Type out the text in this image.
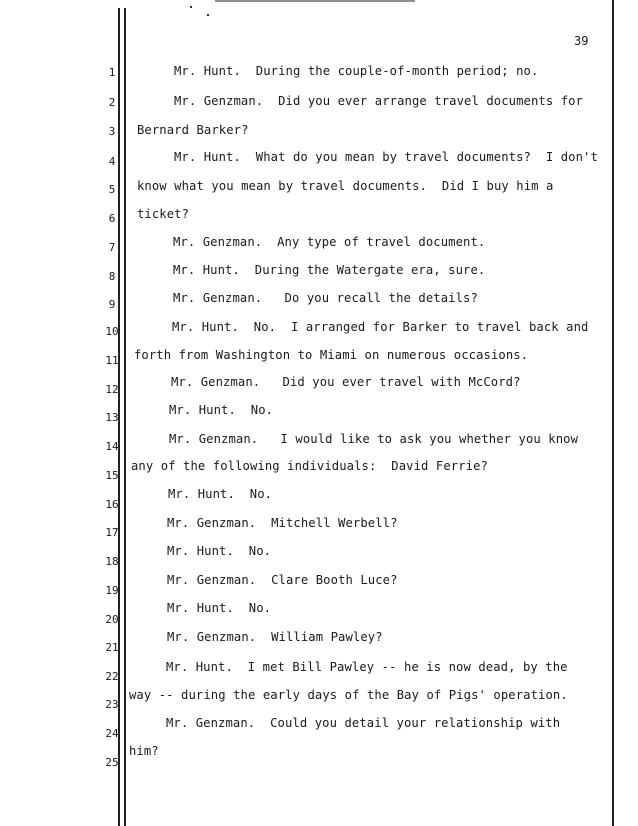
39
1
2
3
4
5
6
7
8
9
10
11
12
13
14
15
16
17
18
19
20
21
22
23
24
25
Mr. Hunt.  During the couple-of-month period; no.
Mr. Genzman.  Did you ever arrange travel documents for
Bernard Barker?
Mr. Hunt.  What do you mean by travel documents?  I don't
know what you mean by travel documents.  Did I buy him a
ticket?
Mr. Genzman.  Any type of travel document.
Mr. Hunt.  During the Watergate era, sure.
Mr. Genzman.   Do you recall the details?
Mr. Hunt.  No.  I arranged for Barker to travel back and
forth from Washington to Miami on numerous occasions.
Mr. Genzman.   Did you ever travel with McCord?
Mr. Hunt.  No.
Mr. Genzman.   I would like to ask you whether you know
any of the following individuals:  David Ferrie?
Mr. Hunt.  No.
Mr. Genzman.  Mitchell Werbell?
Mr. Hunt.  No.
Mr. Genzman.  Clare Booth Luce?
Mr. Hunt.  No.
Mr. Genzman.  William Pawley?
Mr. Hunt.  I met Bill Pawley -- he is now dead, by the
way -- during the early days of the Bay of Pigs' operation.
Mr. Genzman.  Could you detail your relationship with
him?
